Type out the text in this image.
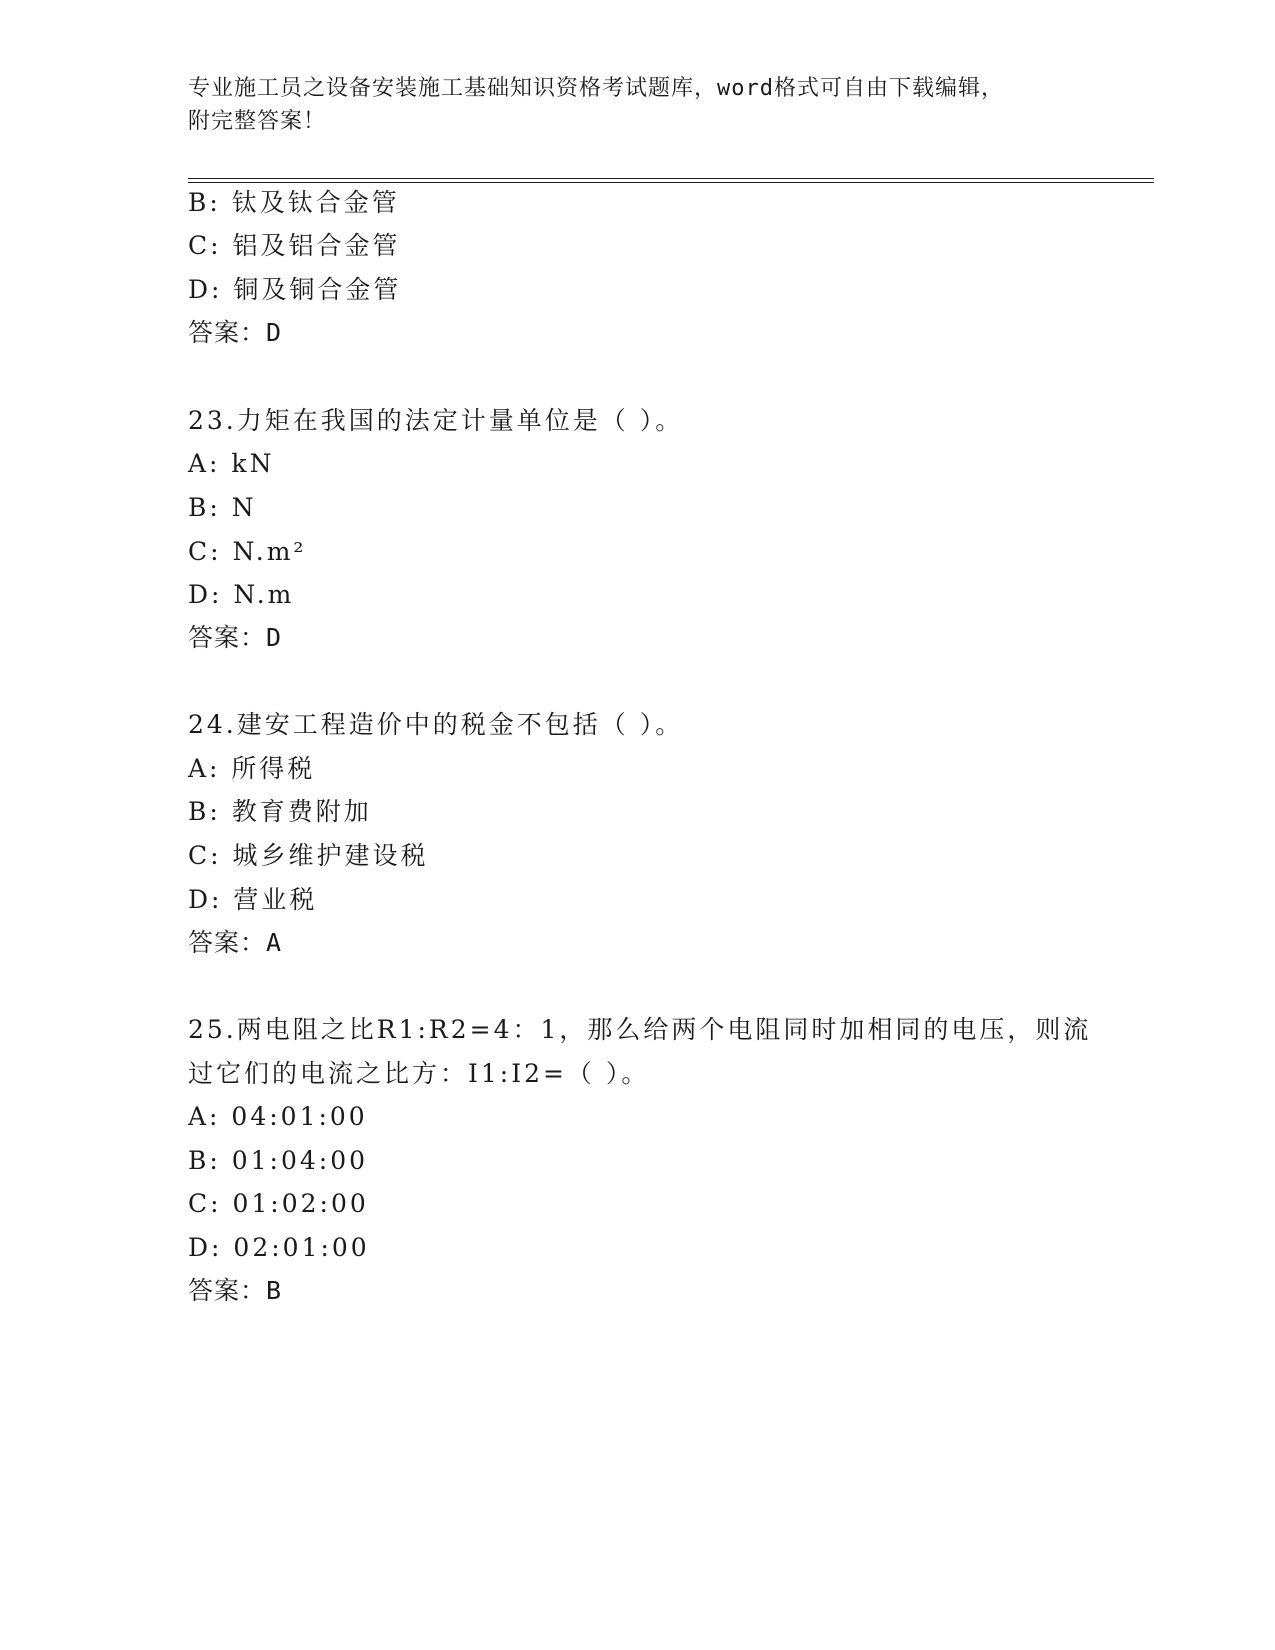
专业施工员之设备安装施工基础知识资格考试题库，word格式可自由下载编辑，
附完整答案！
B: 钛及钛合金管
C: 铝及铝合金管
D: 铜及铜合金管
答案：D
23.力矩在我国的法定计量单位是（ ）。
A: kN
B: N
C: N.m²
D: N.m
答案：D
24.建安工程造价中的税金不包括（ ）。
A: 所得税
B: 教育费附加
C: 城乡维护建设税
D: 营业税
答案：A
25.两电阻之比R1:R2=4：1，那么给两个电阻同时加相同的电压，则流
过它们的电流之比方：I1:I2=（ ）。
A: 04:01:00
B: 01:04:00
C: 01:02:00
D: 02:01:00
答案：B
